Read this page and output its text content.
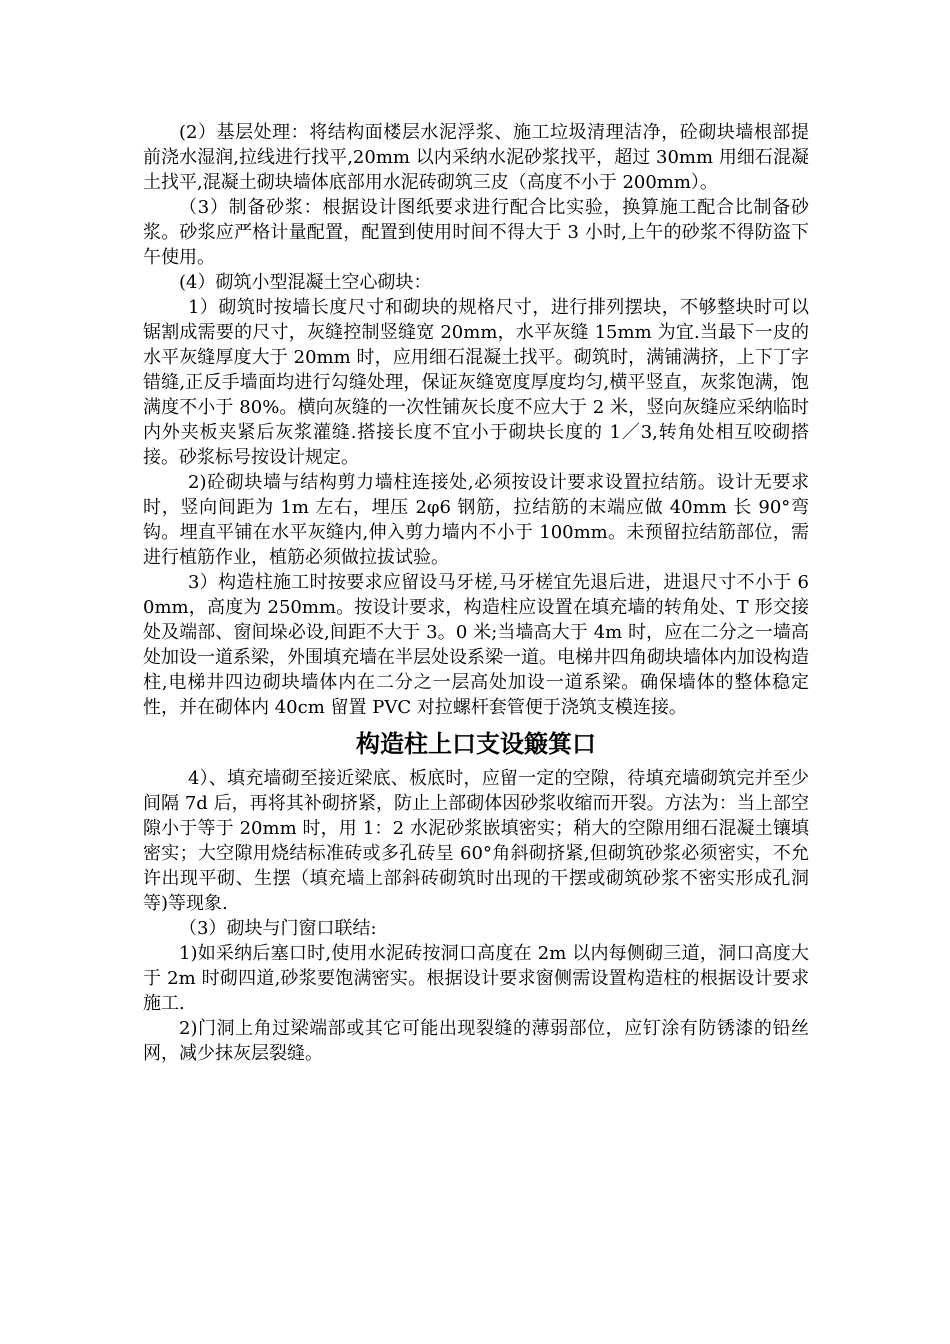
(2）基层处理：将结构面楼层水泥浮浆、施工垃圾清理洁净，砼砌块墙根部提前浇水湿润,拉线进行找平,20mm 以内采纳水泥砂浆找平，超过 30mm 用细石混凝土找平,混凝土砌块墙体底部用水泥砖砌筑三皮（高度不小于 200mm）。

（3）制备砂浆：根据设计图纸要求进行配合比实验，换算施工配合比制备砂浆。砂浆应严格计量配置，配置到使用时间不得大于 3 小时,上午的砂浆不得防盗下午使用。

(4）砌筑小型混凝土空心砌块：

1）砌筑时按墙长度尺寸和砌块的规格尺寸，进行排列摆块，不够整块时可以锯割成需要的尺寸，灰缝控制竖缝宽 20mm，水平灰缝 15mm 为宜.当最下一皮的水平灰缝厚度大于 20mm 时，应用细石混凝土找平。砌筑时，满铺满挤，上下丁字错缝,正反手墙面均进行勾缝处理，保证灰缝宽度厚度均匀,横平竖直，灰浆饱满，饱满度不小于 80%。横向灰缝的一次性铺灰长度不应大于 2 米，竖向灰缝应采纳临时内外夹板夹紧后灰浆灌缝.搭接长度不宜小于砌块长度的 1／3,转角处相互咬砌搭接。砂浆标号按设计规定。

2)砼砌块墙与结构剪力墙柱连接处,必须按设计要求设置拉结筋。设计无要求时，竖向间距为 1m 左右，埋压 2φ6 钢筋，拉结筋的末端应做 40mm 长 90°弯钩。埋直平铺在水平灰缝内,伸入剪力墙内不小于 100mm。未预留拉结筋部位，需进行植筋作业，植筋必须做拉拔试验。

3）构造柱施工时按要求应留设马牙槎,马牙槎宜先退后进，进退尺寸不小于 60mm，高度为 250mm。按设计要求，构造柱应设置在填充墙的转角处、T 形交接处及端部、窗间垛必设,间距不大于 3。0 米;当墙高大于 4m 时，应在二分之一墙高处加设一道系梁，外围填充墙在半层处设系梁一道。电梯井四角砌块墙体内加设构造柱,电梯井四边砌块墙体内在二分之一层高处加设一道系梁。确保墙体的整体稳定性，并在砌体内 40cm 留置 PVC 对拉螺杆套管便于浇筑支模连接。

构造柱上口支设簸箕口

4）、填充墙砌至接近梁底、板底时，应留一定的空隙，待填充墙砌筑完并至少间隔 7d 后，再将其补砌挤紧，防止上部砌体因砂浆收缩而开裂。方法为：当上部空隙小于等于 20mm 时，用 1：2 水泥砂浆嵌填密实；稍大的空隙用细石混凝土镶填密实；大空隙用烧结标准砖或多孔砖呈 60°角斜砌挤紧,但砌筑砂浆必须密实，不允许出现平砌、生摆（填充墙上部斜砖砌筑时出现的干摆或砌筑砂浆不密实形成孔洞等)等现象.

（3）砌块与门窗口联结:

1)如采纳后塞口时,使用水泥砖按洞口高度在 2m 以内每侧砌三道，洞口高度大于 2m 时砌四道,砂浆要饱满密实。根据设计要求窗侧需设置构造柱的根据设计要求施工.

2)门洞上角过梁端部或其它可能出现裂缝的薄弱部位，应钉涂有防锈漆的铅丝网，减少抹灰层裂缝。
